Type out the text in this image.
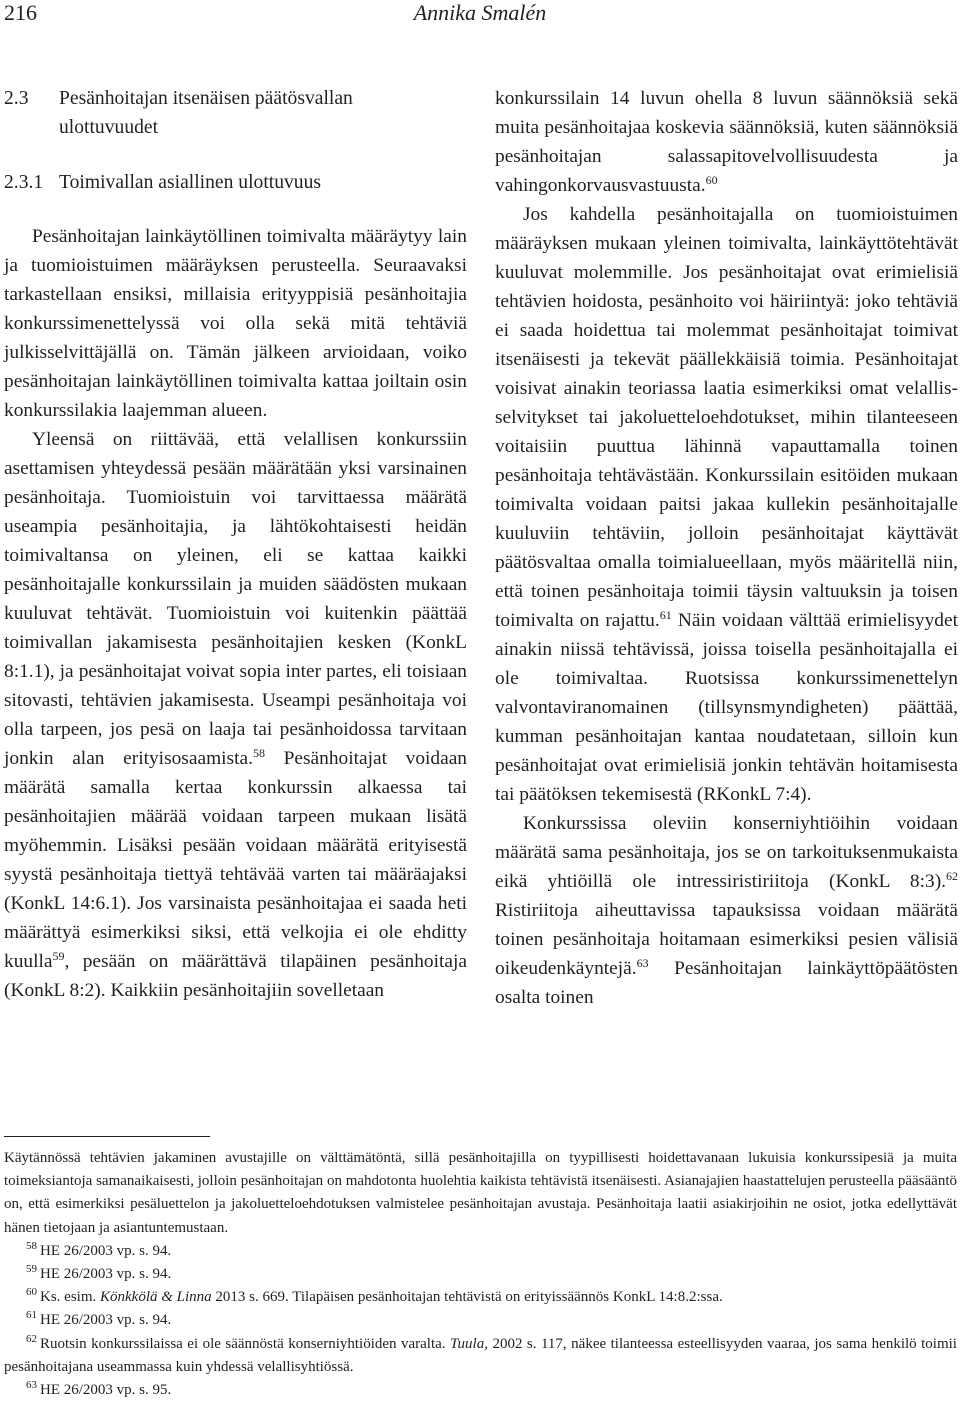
216	Annika Smalén
2.3 Pesänhoitajan itsenäisen päätösvallan
ulottuvuudet
2.3.1 Toimivallan asiallinen ulottuvuus

Pesänhoitajan lainkäytöllinen toimivalta määräytyy lain ja tuomioistuimen määräyksen perusteella. Seuraavaksi tarkastellaan ensiksi, millaisia erityyppisiä pesänhoitajia konkurssimenettelyssä voi olla sekä mitä tehtäviä julkisselvittäjällä on. Tämän jälkeen arvioidaan, voiko pesänhoitajan lainkäytöllinen toimivalta kattaa joiltain osin konkurssilakia laajemman alueen.

Yleensä on riittävää, että velallisen konkurssiin asettamisen yhteydessä pesään määrätään yksi varsinainen pesänhoitaja. Tuomioistuin voi tarvittaessa määrätä useampia pesänhoitajia, ja lähtökohtaisesti heidän toimivaltansa on yleinen, eli se kattaa kaikki pesänhoitajalle konkurssilain ja muiden säädösten mukaan kuuluvat tehtävät. Tuomioistuin voi kuitenkin päättää toimivallan jakamisesta pesänhoitajien kesken (KonkL 8:1.1), ja pesänhoitajat voivat sopia inter partes, eli toisiaan sitovasti, tehtävien jakamisesta. Useampi pesänhoitaja voi olla tarpeen, jos pesä on laaja tai pesänhoidossa tarvitaan jonkin alan erityisosaamista.$^{58}$ Pesänhoitajat voidaan määrätä samalla kertaa konkurssin alkaessa tai pesänhoitajien määrää voidaan tarpeen mukaan lisätä myöhemmin. Lisäksi pesään voidaan määrätä erityisestä syystä pesänhoitaja tiettyä tehtävää varten tai määräajaksi (KonkL 14:6.1). Jos varsinaista pesänhoitajaa ei saada heti määrättyä esimerkiksi siksi, että velkojia ei ole ehditty kuulla$^{59}$, pesään on määrättävä tilapäinen pesänhoitaja (KonkL 8:2). Kaikkiin pesänhoitajiin sovelletaan

konkurssilain 14 luvun ohella 8 luvun säännöksiä sekä muita pesänhoitajaa koskevia säännöksiä, kuten säännöksiä pesänhoitajan salassapitovelvollisuudesta ja vahingonkorvausvastuusta.$^{60}$

Jos kahdella pesänhoitajalla on tuomioistuimen määräyksen mukaan yleinen toimivalta, lainkäyttötehtävät kuuluvat molemmille. Jos pesänhoitajat ovat erimielisiä tehtävien hoidosta, pesänhoito voi häiriintyä: joko tehtäviä ei saada hoidettua tai molemmat pesänhoitajat toimivat itsenäisesti ja tekevät päällekkäisiä toimia. Pesänhoitajat voisivat ainakin teoriassa laatia esimerkiksi omat velallisselvitykset tai jakoluetteloehdotukset, mihin tilanteeseen voitaisiin puuttua lähinnä vapauttamalla toinen pesänhoitaja tehtävästään. Konkurssilain esitöiden mukaan toimivalta voidaan paitsi jakaa kullekin pesänhoitajalle kuuluviin tehtäviin, jolloin pesänhoitajat käyttävät päätösvaltaa omalla toimialueellaan, myös määritellä niin, että toinen pesänhoitaja toimii täysin valtuuksin ja toisen toimivalta on rajattu.$^{61}$ Näin voidaan välttää erimielisyydet ainakin niissä tehtävissä, joissa toisella pesänhoitajalla ei ole toimivaltaa. Ruotsissa konkurssimenettelyn valvontaviranomainen (tillsynsmyndigheten) päättää, kumman pesänhoitajan kantaa noudatetaan, silloin kun pesänhoitajat ovat erimielisiä jonkin tehtävän hoitamisesta tai päätöksen tekemisestä (RKonkL 7:4).

Konkurssissa oleviin konserniyhtiöihin voidaan määrätä sama pesänhoitaja, jos se on tarkoituksenmukaista eikä yhtiöillä ole intressiristiriitoja (KonkL 8:3).$^{62}$ Ristiriitoja aiheuttavissa tapauksissa voidaan määrätä toinen pesänhoitaja hoitamaan esimerkiksi pesien välisiä oikeudenkäyntejä.$^{63}$ Pesänhoitajan lainkäyttöpäätösten osalta toinen

Käytännössä tehtävien jakaminen avustajille on välttämätöntä, sillä pesänhoitajilla on tyypillisesti hoidettavanaan lukuisia konkurssipesiä ja muita toimeksiantoja samanaikaisesti, jolloin pesänhoitajan on mahdotonta huolehtia kaikista tehtävistä itsenäisesti. Asianajajien haastattelujen perusteella pääsääntö on, että esimerkiksi pesäluettelon ja jakoluetteloehdotuksen valmistelee pesänhoitajan avustaja. Pesänhoitaja laatii asiakirjoihin ne osiot, jotka edellyttävät hänen tietojaan ja asiantuntemustaan.

$^{58}$ HE 26/2003 vp. s. 94.

$^{59}$ HE 26/2003 vp. s. 94.

$^{60}$ Ks. esim. Könkkölä & Linna 2013 s. 669. Tilapäisen pesänhoitajan tehtävistä on erityissäännös KonkL 14:8.2:ssa.

$^{61}$ HE 26/2003 vp. s. 94.

$^{62}$ Ruotsin konkurssilaissa ei ole säännöstä konserniyhtiöiden varalta. Tuula, 2002 s. 117, näkee tilanteessa esteellisyyden vaaraa, jos sama henkilö toimii pesänhoitajana useammassa kuin yhdessä velallisyhtiössä.

$^{63}$ HE 26/2003 vp. s. 95.
